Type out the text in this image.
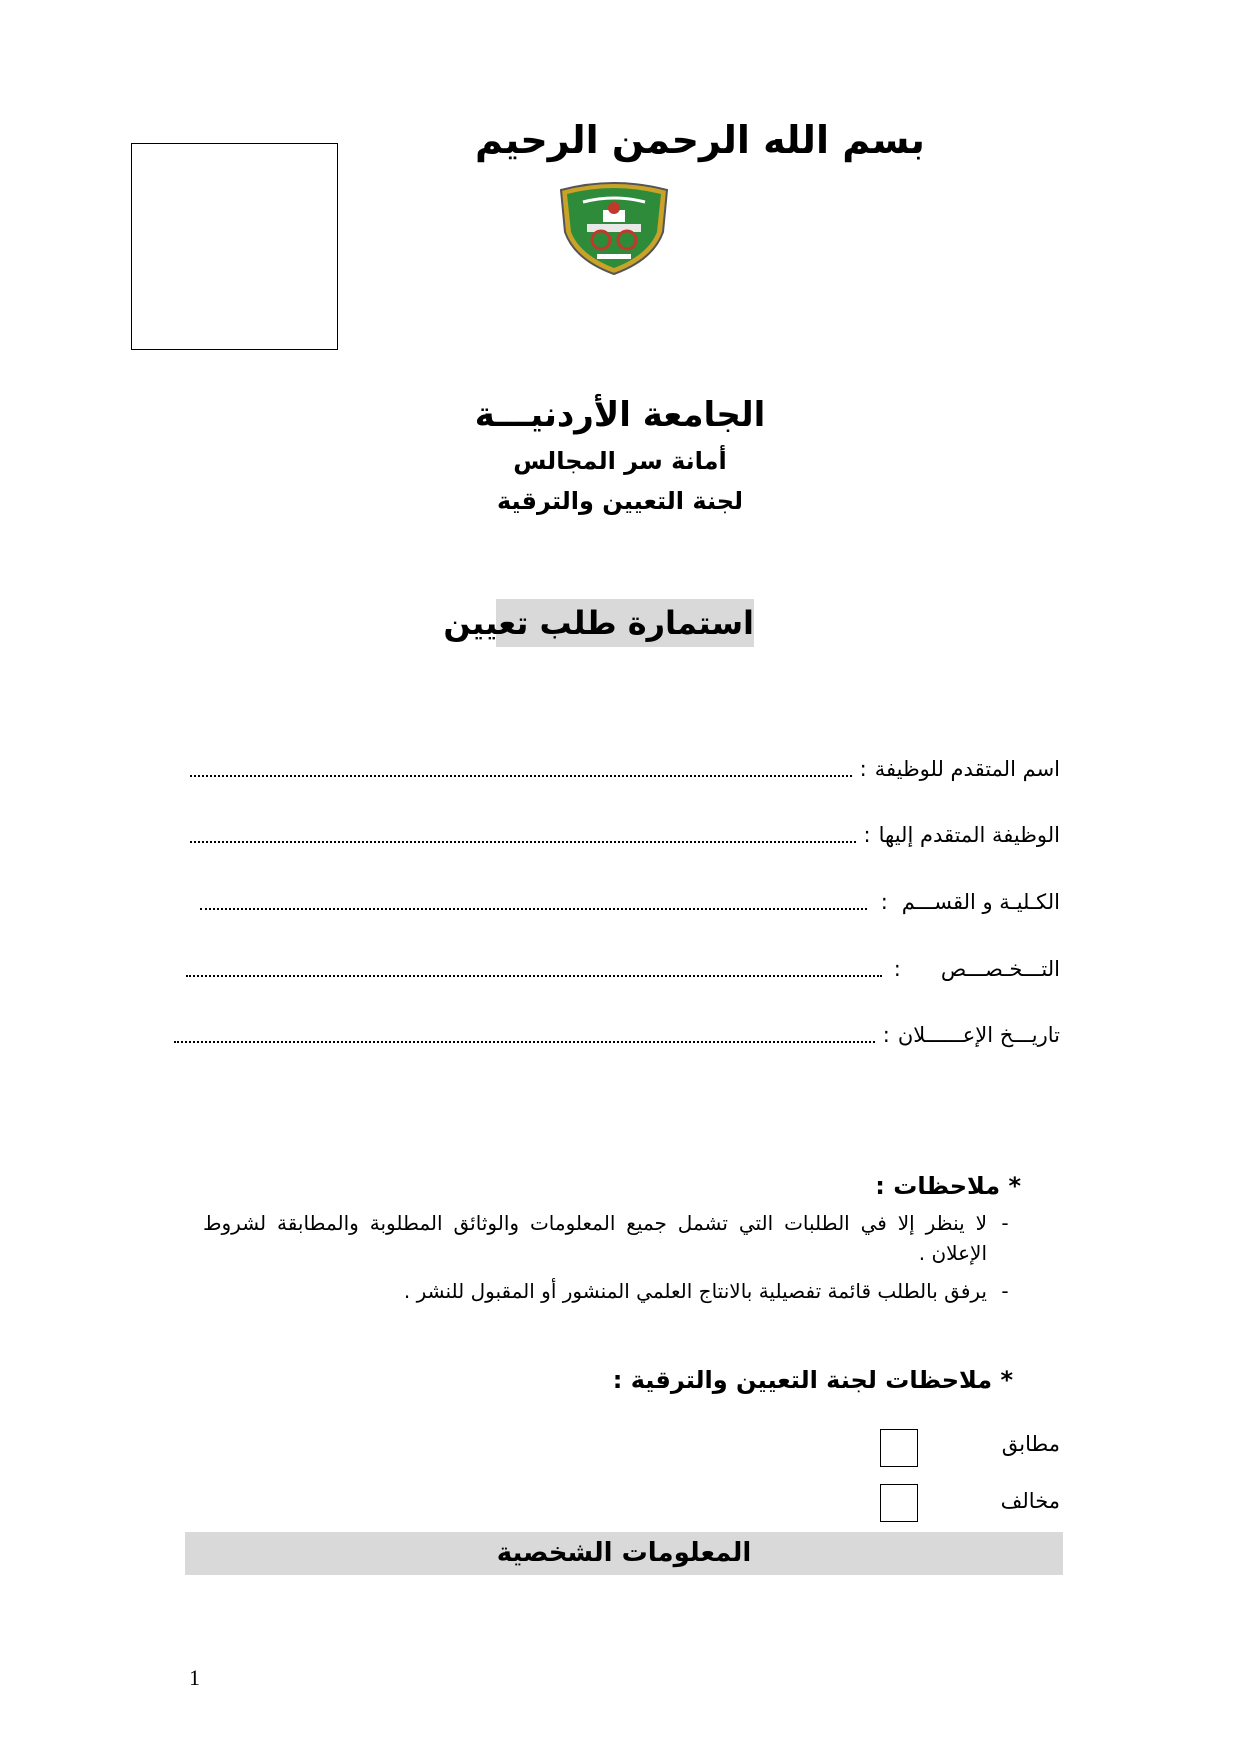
بسم الله الرحمن الرحيم
الجامعة الأردنيـــة
أمانة سر المجالس
لجنة التعيين والترقية
استمارة طلب تعيين
اسم المتقدم للوظيفة
:
الوظيفة المتقدم إليها
:
الكـليـة و القســـم
:
التـــخـصـــص
:
تاريـــخ الإعــــــلان
:
* ملاحظات :
-
لا ينظر إلا في الطلبات التي تشمل جميع المعلومات والوثائق المطلوبة والمطابقة لشروط الإعلان .
-
يرفق بالطلب قائمة تفصيلية بالانتاج العلمي المنشور أو المقبول للنشر .
* ملاحظات لجنة التعيين والترقية :
مطابق
مخالف
المعلومات الشخصية
1
